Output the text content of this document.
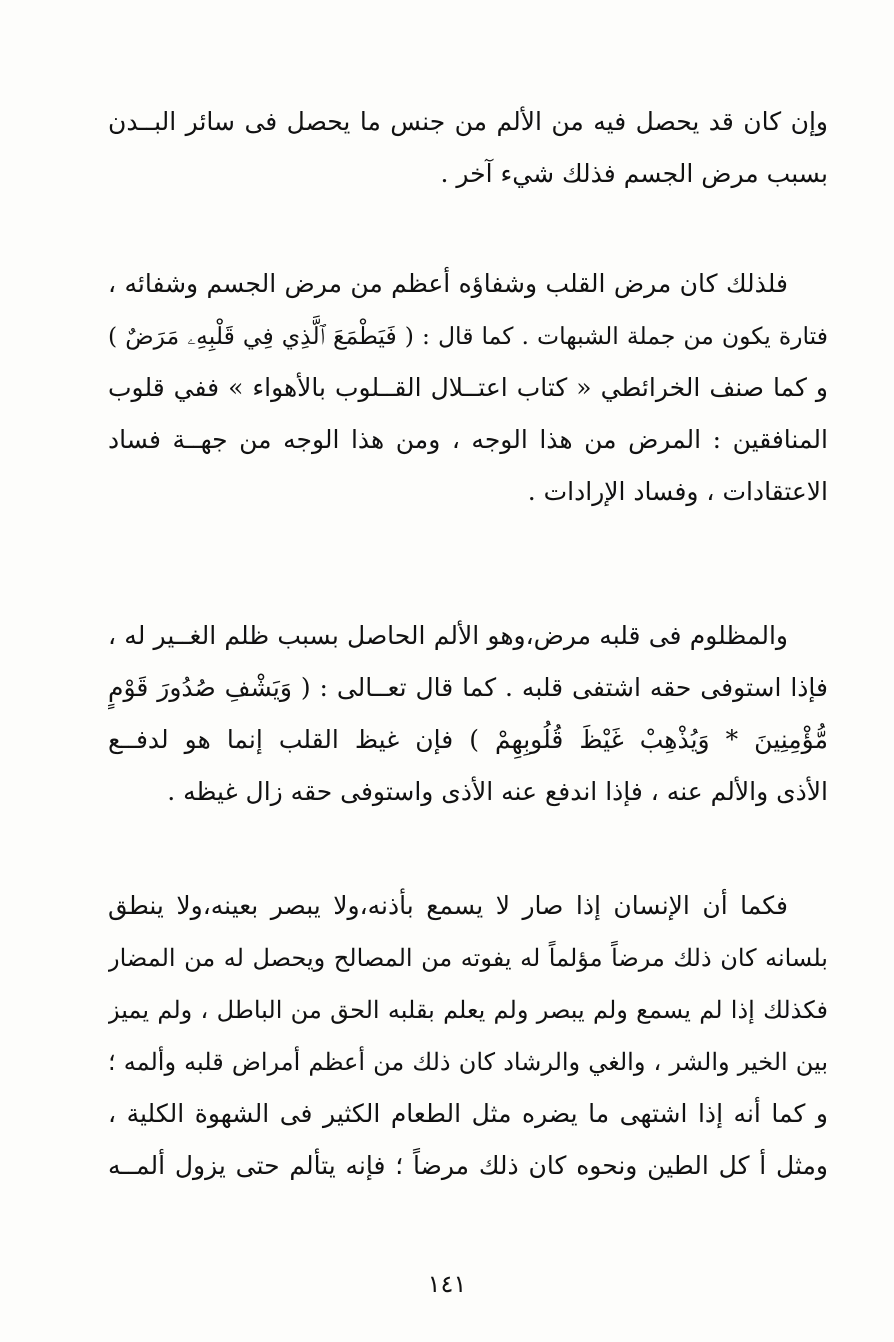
وإن كان قد يحصل فيه من الألم من جنس ما يحصل فى سائر البــدن
بسبب مرض الجسم فذلك شيء آخر .
فلذلك كان مرض القلب وشفاؤه أعظم من مرض الجسم وشفائه ،
فتارة يكون من جملة الشبهات . كما قال : ( فَيَطْمَعَ ٱلَّذِي فِي قَلْبِهِۦ مَرَضٌ )
و كما صنف الخرائطي « كتاب اعتــلال القــلوب بالأهواء » ففي قلوب
المنافقين : المرض من هذا الوجه ، ومن هذا الوجه من جهــة فساد
الاعتقادات ، وفساد الإرادات .
والمظلوم فى قلبه مرض،وهو الألم الحاصل بسبب ظلم الغــير له ،
فإذا استوفى حقه اشتفى قلبه . كما قال تعــالى : ( وَيَشْفِ صُدُورَ قَوْمٍ
مُّؤْمِنِينَ * وَيُذْهِبْ غَيْظَ قُلُوبِهِمْ ) فإن غيظ القلب إنما هو لدفــع
الأذى والألم عنه ، فإذا اندفع عنه الأذى واستوفى حقه زال غيظه .
فكما أن الإنسان إذا صار لا يسمع بأذنه،ولا يبصر بعينه،ولا ينطق
بلسانه كان ذلك مرضاً مؤلماً له يفوته من المصالح ويحصل له من المضار
فكذلك إذا لم يسمع ولم يبصر ولم يعلم بقلبه الحق من الباطل ، ولم يميز
بين الخير والشر ، والغي والرشاد كان ذلك من أعظم أمراض قلبه وألمه ؛
و كما أنه إذا اشتهى ما يضره مثل الطعام الكثير فى الشهوة الكلية ،
ومثل أ كل الطين ونحوه كان ذلك مرضاً ؛ فإنه يتألم حتى يزول ألمــه
١٤١
